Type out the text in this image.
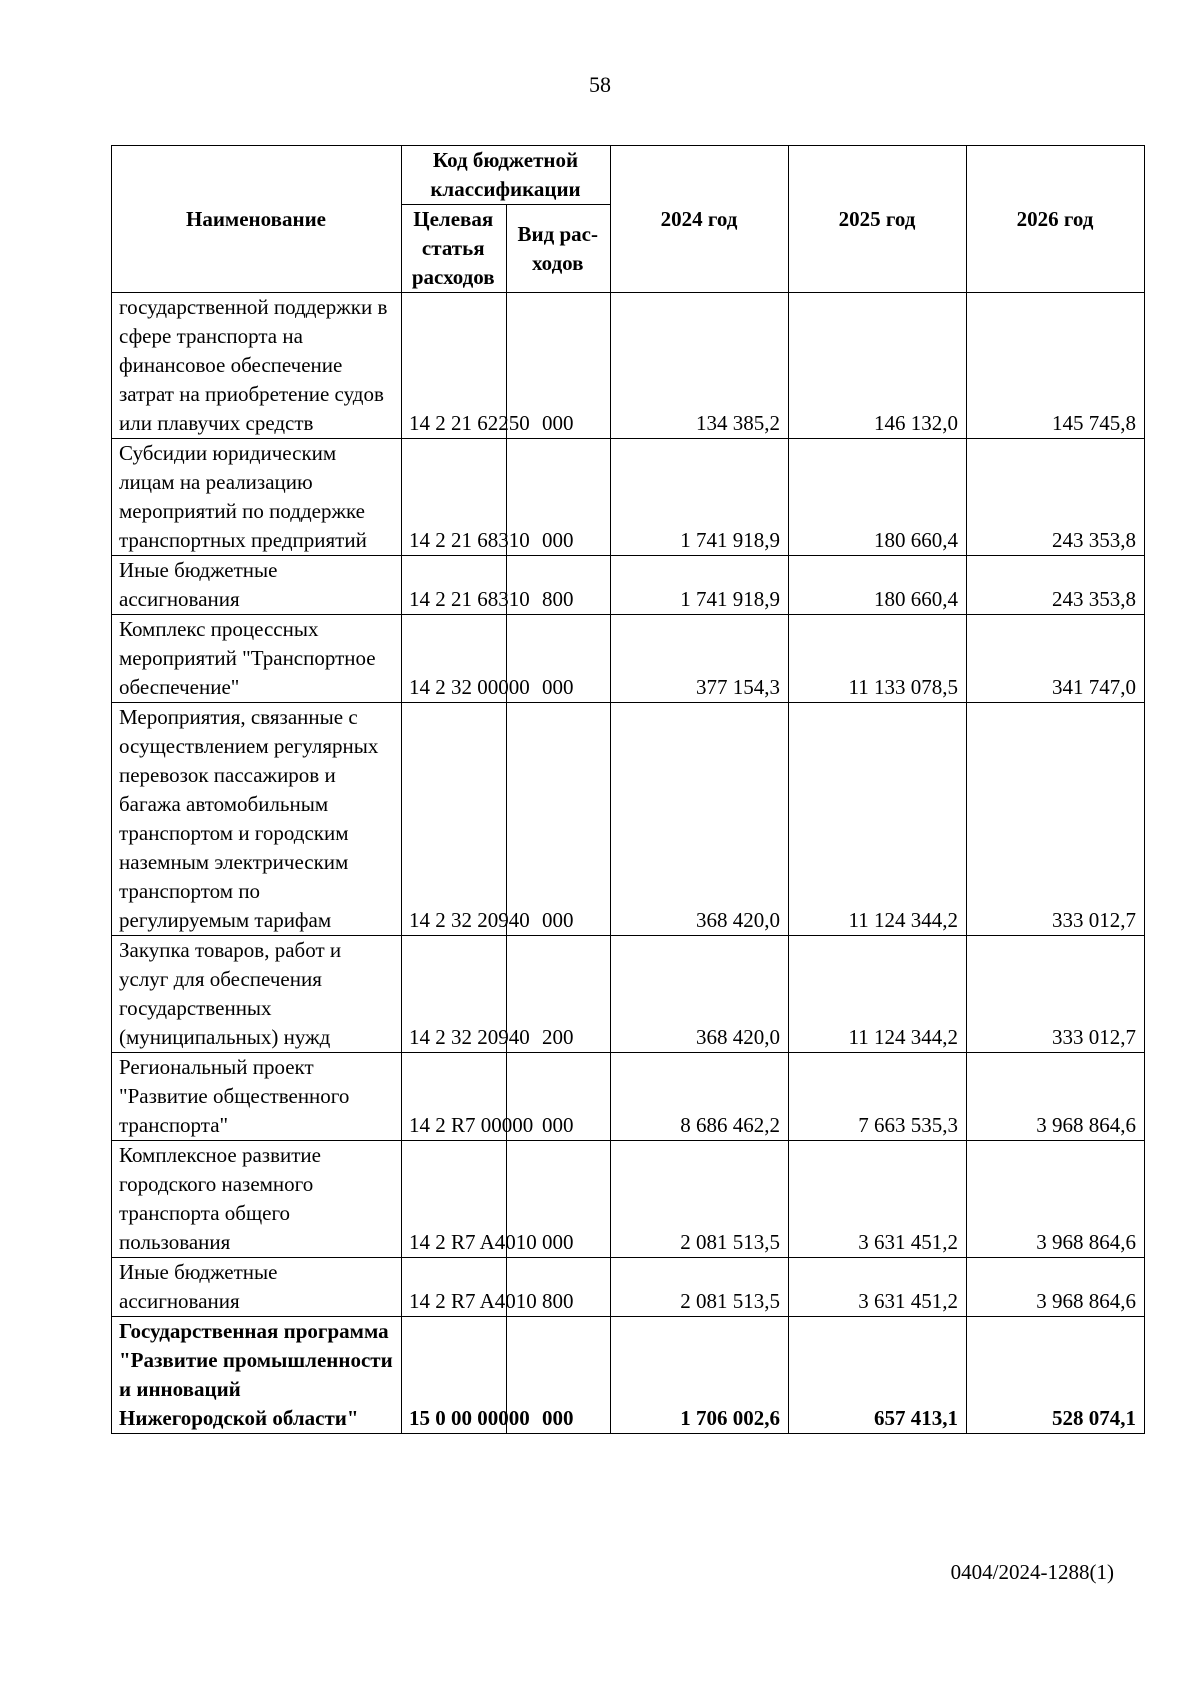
58
Наименование	Код бюджетной классификации		2024 год	2025 год	2026 год
	Целевая статья расходов	Вид рас-ходов			
государственной поддержки в сфере транспорта на финансовое обеспечение затрат на приобретение судов или плавучих средств	14 2 21 62250	000	134 385,2	146 132,0	145 745,8
Субсидии юридическим лицам на реализацию мероприятий по поддержке транспортных предприятий	14 2 21 68310	000	1 741 918,9	180 660,4	243 353,8
Иные бюджетные ассигнования	14 2 21 68310	800	1 741 918,9	180 660,4	243 353,8
Комплекс процессных мероприятий "Транспортное обеспечение"	14 2 32 00000	000	377 154,3	11 133 078,5	341 747,0
Мероприятия, связанные с осуществлением регулярных перевозок пассажиров и багажа автомобильным транспортом и городским наземным электрическим транспортом по регулируемым тарифам	14 2 32 20940	000	368 420,0	11 124 344,2	333 012,7
Закупка товаров, работ и услуг для обеспечения государственных (муниципальных) нужд	14 2 32 20940	200	368 420,0	11 124 344,2	333 012,7
Региональный проект "Развитие общественного транспорта"	14 2 R7 00000	000	8 686 462,2	7 663 535,3	3 968 864,6
Комплексное развитие городского наземного транспорта общего пользования	14 2 R7 A4010	000	2 081 513,5	3 631 451,2	3 968 864,6
Иные бюджетные ассигнования	14 2 R7 A4010	800	2 081 513,5	3 631 451,2	3 968 864,6
Государственная программа "Развитие промышленности и инноваций Нижегородской области"	15 0 00 00000	000	1 706 002,6	657 413,1	528 074,1
0404/2024-1288(1)
